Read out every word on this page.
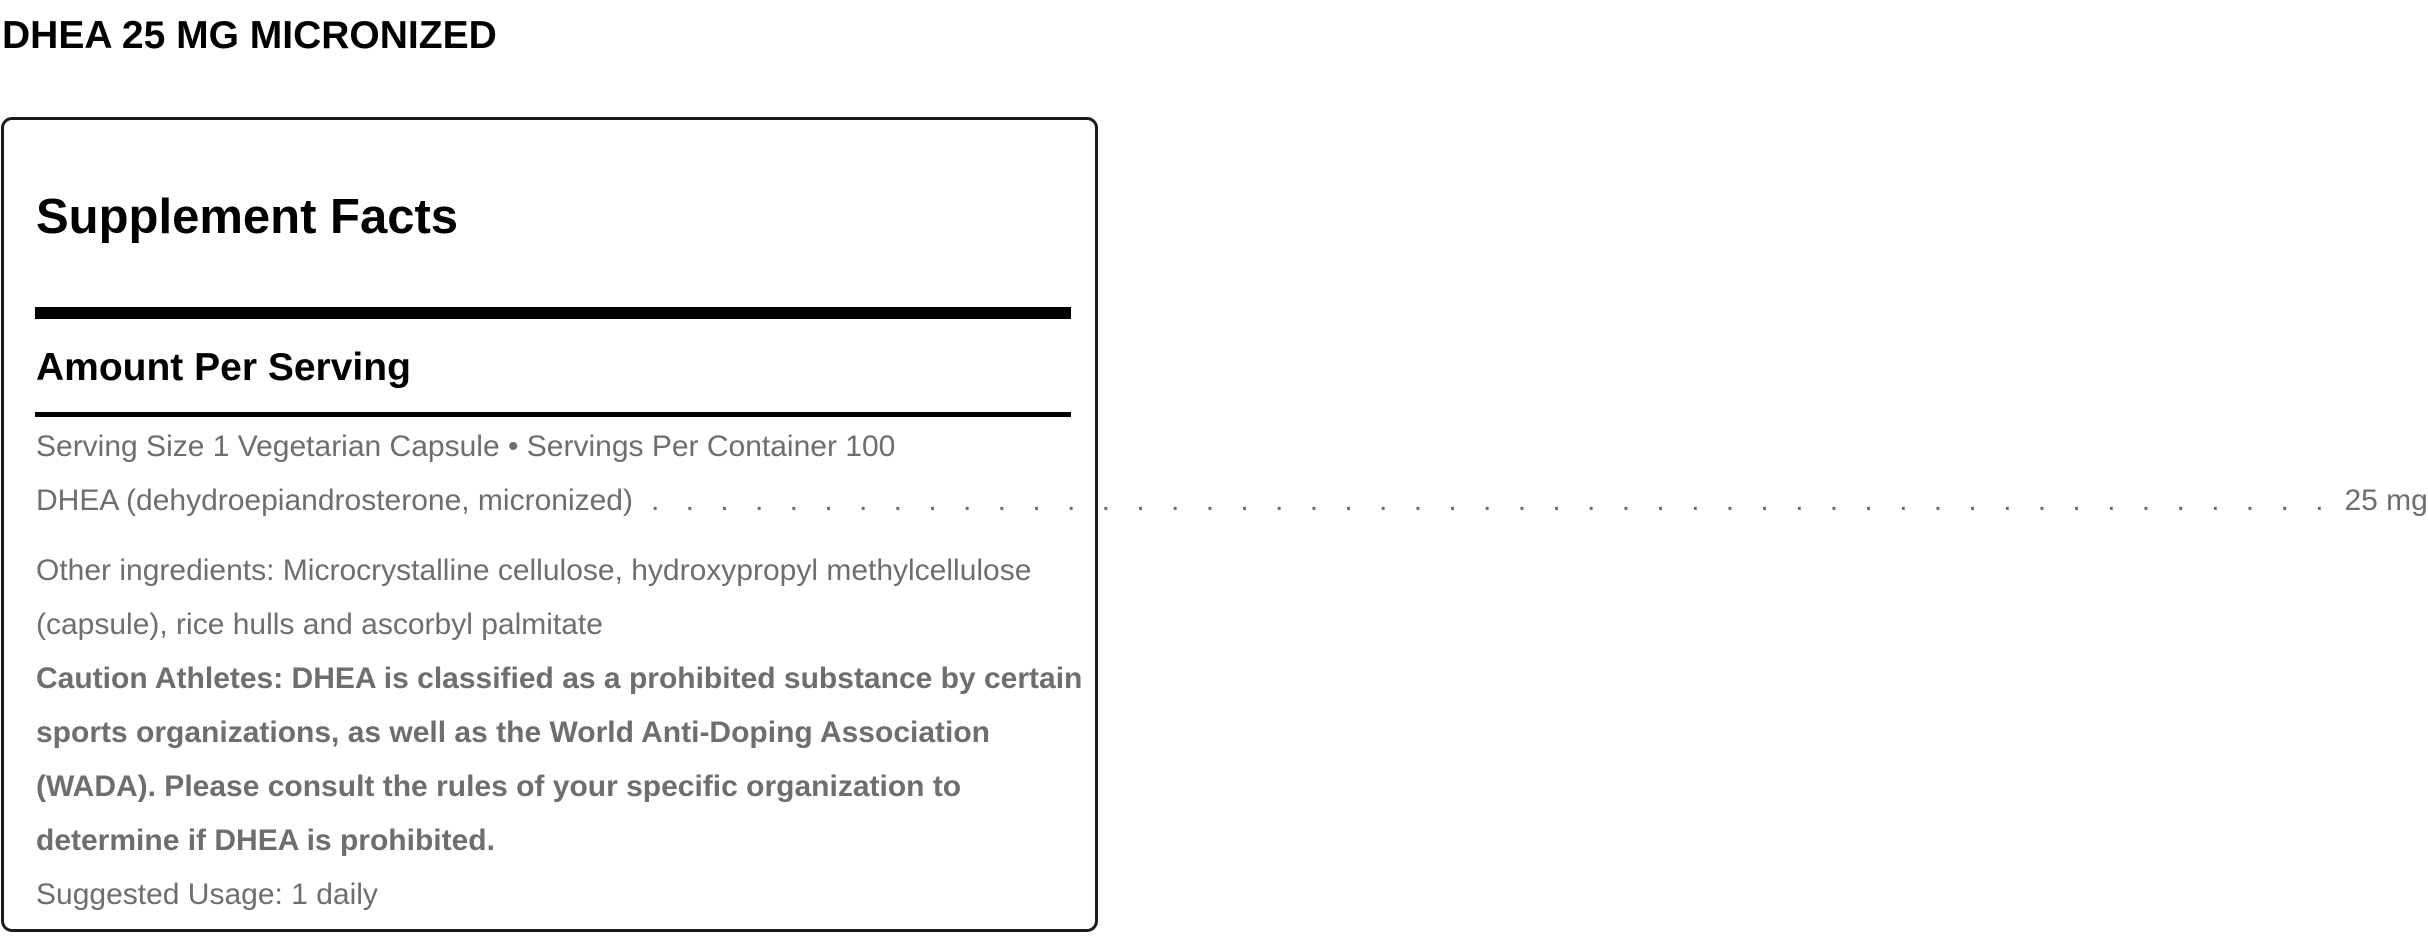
DHEA 25 MG MICRONIZED
Supplement Facts
Amount Per Serving
Serving Size 1 Vegetarian Capsule • Servings Per Container 100
DHEA (dehydroepiandrosterone, micronized) . . . . . . . . . . . . . . . . . . . . . . . . . . . . . . . . . . . . . . . . . . . . . . . . . 25 mg

Other ingredients: Microcrystalline cellulose, hydroxypropyl methylcellulose (capsule), rice hulls and ascorbyl palmitate

Caution Athletes: DHEA is classified as a prohibited substance by certain sports organizations, as well as the World Anti-Doping Association (WADA). Please consult the rules of your specific organization to determine if DHEA is prohibited.

Suggested Usage: 1 daily
